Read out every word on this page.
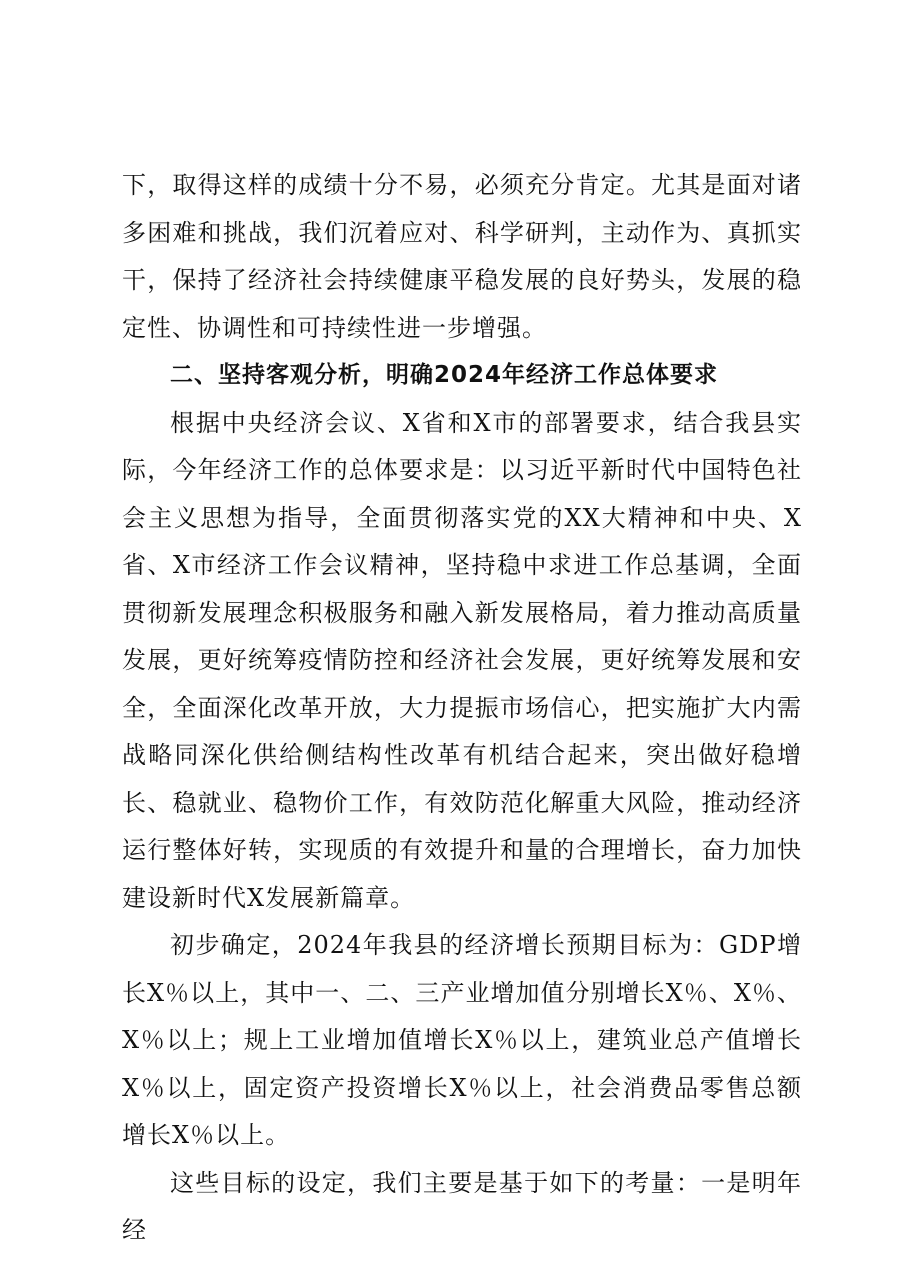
下，取得这样的成绩十分不易，必须充分肯定。尤其是面对诸多困难和挑战，我们沉着应对、科学研判，主动作为、真抓实干，保持了经济社会持续健康平稳发展的良好势头，发展的稳定性、协调性和可持续性进一步增强。

二、坚持客观分析，明确2024年经济工作总体要求

根据中央经济会议、X省和X市的部署要求，结合我县实际，今年经济工作的总体要求是：以习近平新时代中国特色社会主义思想为指导，全面贯彻落实党的XX大精神和中央、X省、X市经济工作会议精神，坚持稳中求进工作总基调，全面贯彻新发展理念积极服务和融入新发展格局，着力推动高质量发展，更好统筹疫情防控和经济社会发展，更好统筹发展和安全，全面深化改革开放，大力提振市场信心，把实施扩大内需战略同深化供给侧结构性改革有机结合起来，突出做好稳增长、稳就业、稳物价工作，有效防范化解重大风险，推动经济运行整体好转，实现质的有效提升和量的合理增长，奋力加快建设新时代X发展新篇章。

初步确定，2024年我县的经济增长预期目标为：GDP增长X％以上，其中一、二、三产业增加值分别增长X％、X％、X％以上；规上工业增加值增长X％以上，建筑业总产值增长X％以上，固定资产投资增长X％以上，社会消费品零售总额增长X％以上。

这些目标的设定，我们主要是基于如下的考量：一是明年经
